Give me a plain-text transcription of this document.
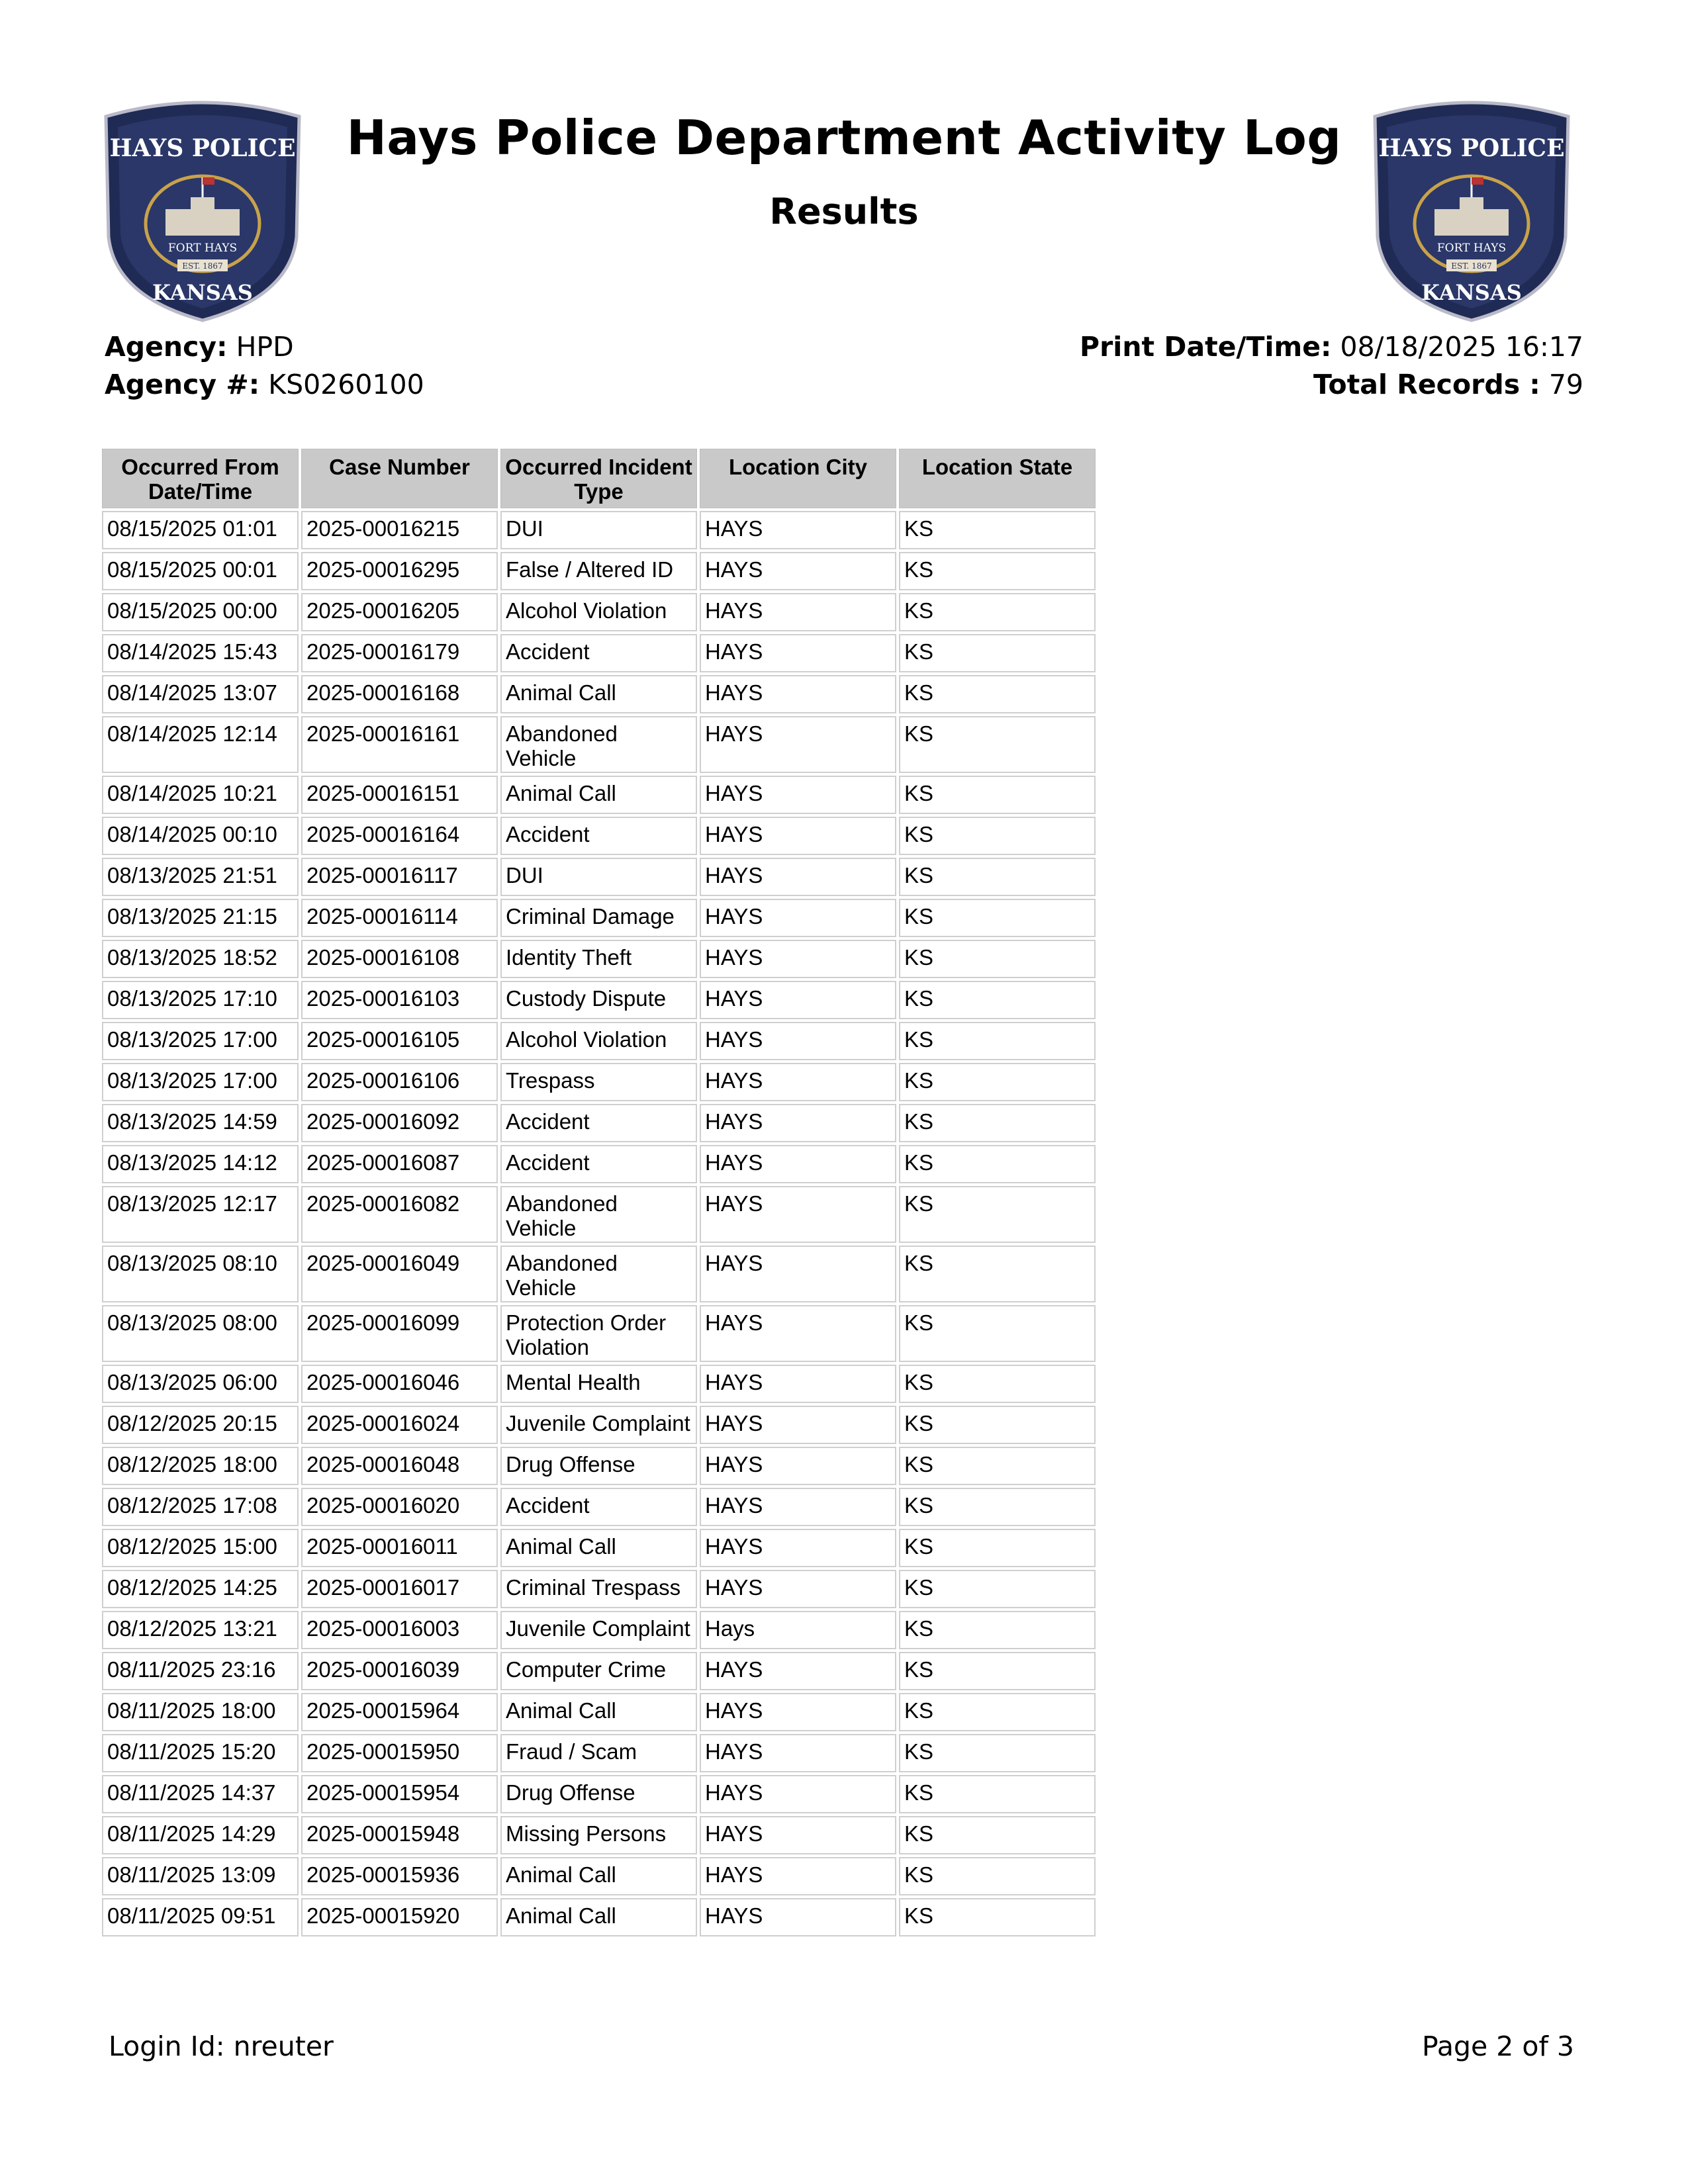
HAYS POLICE
FORT HAYS
EST. 1867
KANSAS
HAYS POLICE
FORT HAYS
EST. 1867
KANSAS
Hays Police Department Activity Log
Results
Agency: HPD
Agency #: KS0260100
Print Date/Time: 08/18/2025 16:17
Total Records : 79
Occurred From Date/Time	Case Number	Occurred Incident Type	Location City	Location State
08/15/2025 01:01	2025-00016215	DUI	HAYS	KS
08/15/2025 00:01	2025-00016295	False / Altered ID	HAYS	KS
08/15/2025 00:00	2025-00016205	Alcohol Violation	HAYS	KS
08/14/2025 15:43	2025-00016179	Accident	HAYS	KS
08/14/2025 13:07	2025-00016168	Animal Call	HAYS	KS
08/14/2025 12:14	2025-00016161	Abandoned Vehicle	HAYS	KS
08/14/2025 10:21	2025-00016151	Animal Call	HAYS	KS
08/14/2025 00:10	2025-00016164	Accident	HAYS	KS
08/13/2025 21:51	2025-00016117	DUI	HAYS	KS
08/13/2025 21:15	2025-00016114	Criminal Damage	HAYS	KS
08/13/2025 18:52	2025-00016108	Identity Theft	HAYS	KS
08/13/2025 17:10	2025-00016103	Custody Dispute	HAYS	KS
08/13/2025 17:00	2025-00016105	Alcohol Violation	HAYS	KS
08/13/2025 17:00	2025-00016106	Trespass	HAYS	KS
08/13/2025 14:59	2025-00016092	Accident	HAYS	KS
08/13/2025 14:12	2025-00016087	Accident	HAYS	KS
08/13/2025 12:17	2025-00016082	Abandoned Vehicle	HAYS	KS
08/13/2025 08:10	2025-00016049	Abandoned Vehicle	HAYS	KS
08/13/2025 08:00	2025-00016099	Protection Order Violation	HAYS	KS
08/13/2025 06:00	2025-00016046	Mental Health	HAYS	KS
08/12/2025 20:15	2025-00016024	Juvenile Complaint	HAYS	KS
08/12/2025 18:00	2025-00016048	Drug Offense	HAYS	KS
08/12/2025 17:08	2025-00016020	Accident	HAYS	KS
08/12/2025 15:00	2025-00016011	Animal Call	HAYS	KS
08/12/2025 14:25	2025-00016017	Criminal Trespass	HAYS	KS
08/12/2025 13:21	2025-00016003	Juvenile Complaint	Hays	KS
08/11/2025 23:16	2025-00016039	Computer Crime	HAYS	KS
08/11/2025 18:00	2025-00015964	Animal Call	HAYS	KS
08/11/2025 15:20	2025-00015950	Fraud / Scam	HAYS	KS
08/11/2025 14:37	2025-00015954	Drug Offense	HAYS	KS
08/11/2025 14:29	2025-00015948	Missing Persons	HAYS	KS
08/11/2025 13:09	2025-00015936	Animal Call	HAYS	KS
08/11/2025 09:51	2025-00015920	Animal Call	HAYS	KS
Login Id: nreuter	Page 2 of 3
